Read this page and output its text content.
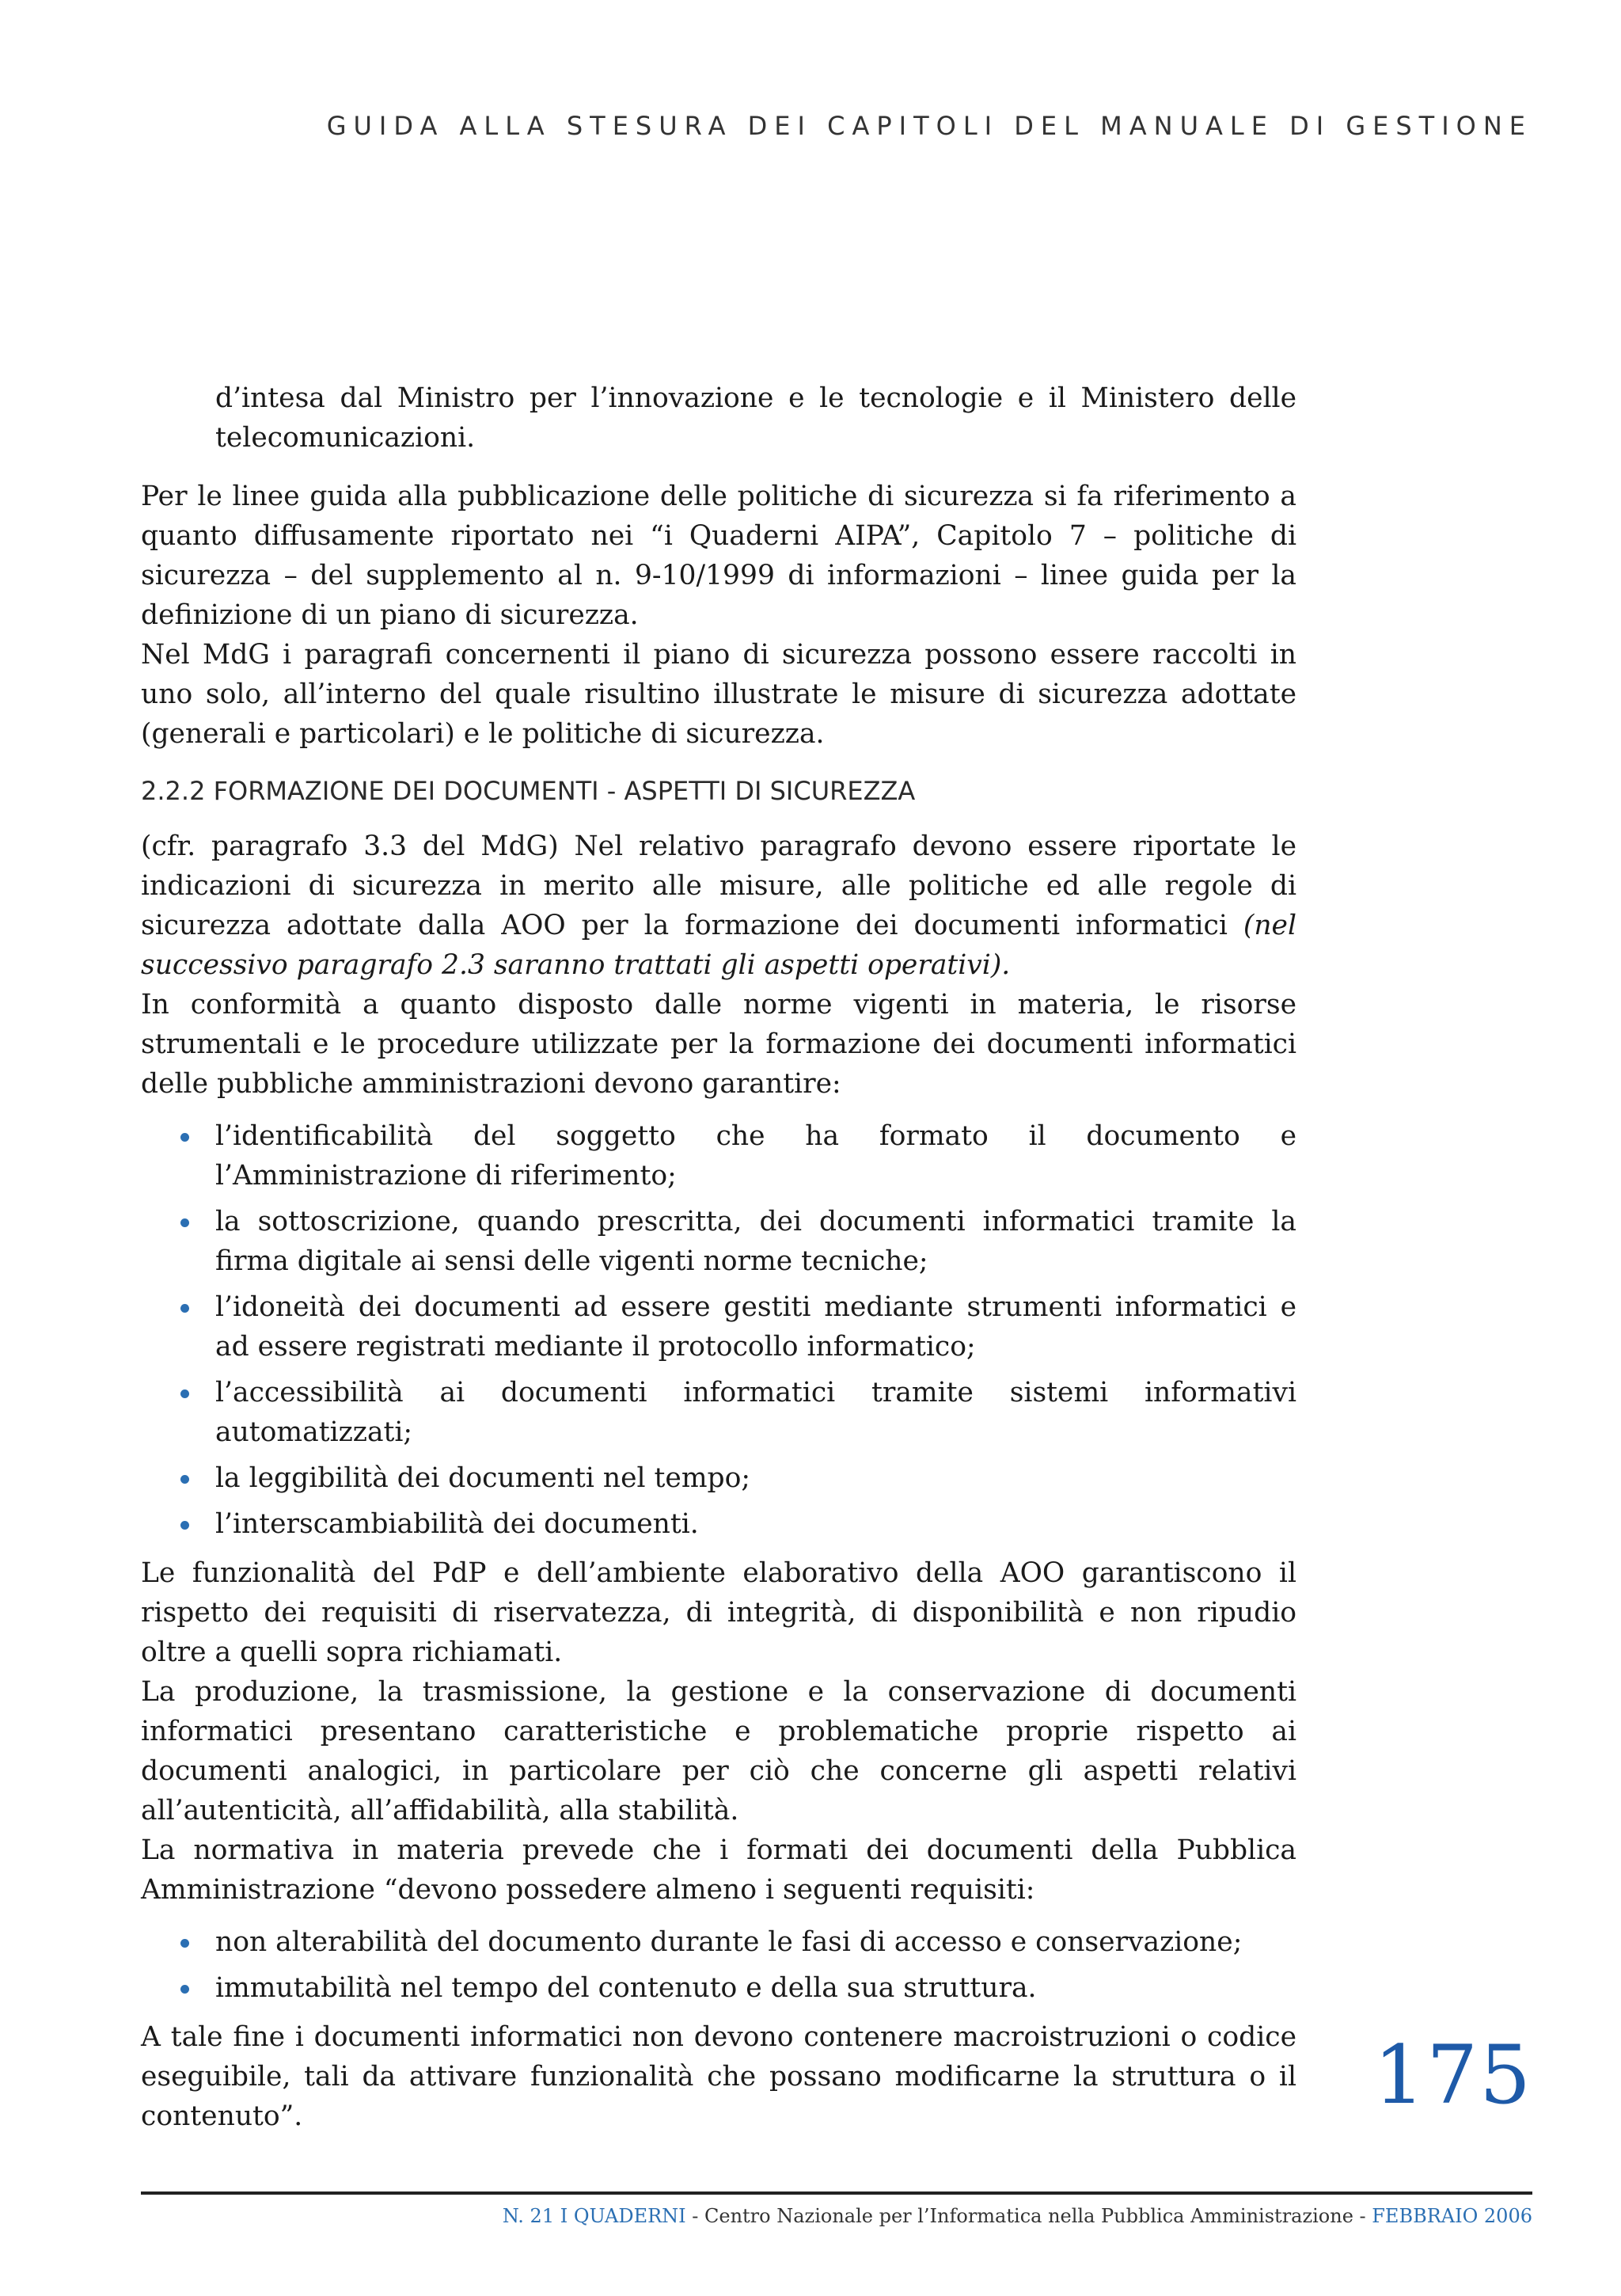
GUIDA ALLA STESURA DEI CAPITOLI DEL MANUALE DI GESTIONE

d’intesa dal Ministro per l’innovazione e le tecnologie e il Ministero delle telecomunicazioni.

Per le linee guida alla pubblicazione delle politiche di sicurezza si fa riferimento a quanto diffusamente riportato nei “i Quaderni AIPA”, Capitolo 7 – politiche di sicurezza – del supplemento al n. 9-10/1999 di informazioni – linee guida per la definizione di un piano di sicurezza.

Nel MdG i paragrafi concernenti il piano di sicurezza possono essere raccolti in uno solo, all’interno del quale risultino illustrate le misure di sicurezza adottate (generali e particolari) e le politiche di sicurezza.

2.2.2 FORMAZIONE DEI DOCUMENTI - ASPETTI DI SICUREZZA

(cfr. paragrafo 3.3 del MdG) Nel relativo paragrafo devono essere riportate le indicazioni di sicurezza in merito alle misure, alle politiche ed alle regole di sicurezza adottate dalla AOO per la formazione dei documenti informatici (nel successivo paragrafo 2.3 saranno trattati gli aspetti operativi).

In conformità a quanto disposto dalle norme vigenti in materia, le risorse strumentali e le procedure utilizzate per la formazione dei documenti informatici delle pubbliche amministrazioni devono garantire:

l’identificabilità del soggetto che ha formato il documento e l’Amministrazione di riferimento;
la sottoscrizione, quando prescritta, dei documenti informatici tramite la firma digitale ai sensi delle vigenti norme tecniche;
l’idoneità dei documenti ad essere gestiti mediante strumenti informatici e ad essere registrati mediante il protocollo informatico;
l’accessibilità ai documenti informatici tramite sistemi informativi automatizzati;
la leggibilità dei documenti nel tempo;
l’interscambiabilità dei documenti.

Le funzionalità del PdP e dell’ambiente elaborativo della AOO garantiscono il rispetto dei requisiti di riservatezza, di integrità, di disponibilità e non ripudio oltre a quelli sopra richiamati.

La produzione, la trasmissione, la gestione e la conservazione di documenti informatici presentano caratteristiche e problematiche proprie rispetto ai documenti analogici, in particolare per ciò che concerne gli aspetti relativi all’autenticità, all’affidabilità, alla stabilità.

La normativa in materia prevede che i formati dei documenti della Pubblica Amministrazione “devono possedere almeno i seguenti requisiti:

non alterabilità del documento durante le fasi di accesso e conservazione;
immutabilità nel tempo del contenuto e della sua struttura.

A tale fine i documenti informatici non devono contenere macroistruzioni o codice eseguibile, tali da attivare funzionalità che possano modificarne la struttura o il contenuto”.	175
N. 21 I QUADERNI - Centro Nazionale per l’Informatica nella Pubblica Amministrazione - FEBBRAIO 2006
